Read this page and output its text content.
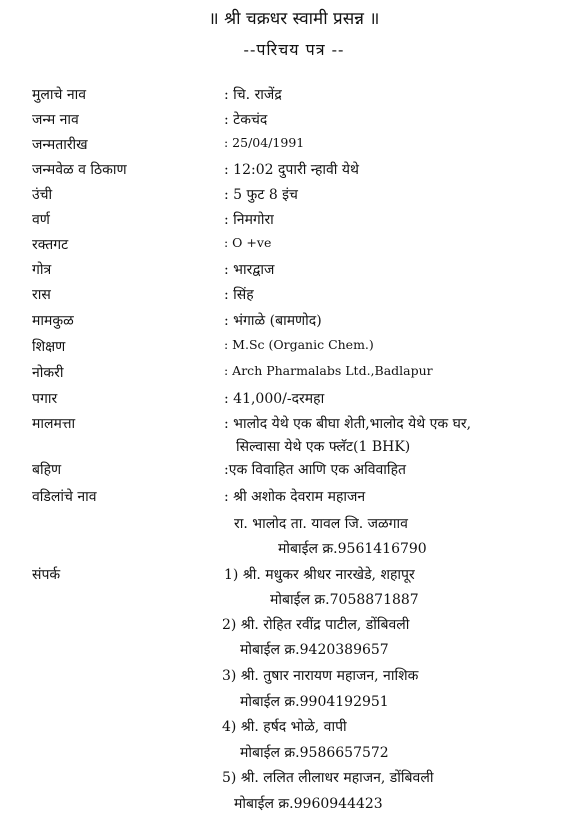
॥ श्री चक्रधर स्वामी प्रसन्न ॥
--परिचय पत्र --
मुलाचे नाव	: चि. राजेंद्र
जन्म नाव	: टेकचंद
जन्मतारीख	: 25/04/1991
जन्मवेळ व ठिकाण	: 12:02 दुपारी न्हावी येथे
उंची	: 5 फुट 8 इंच
वर्ण	: निमगोरा
रक्तगट	: O +ve
गोत्र	: भारद्वाज
रास	: सिंह
मामकुळ	: भंगाळे (बामणोद)
शिक्षण	: M.Sc (Organic Chem.)
नोकरी	: Arch Pharmalabs Ltd.,Badlapur
पगार	: 41,000/-दरमहा
मालमत्ता	: भालोद येथे एक बीघा शेती,भालोद येथे एक घर,
सिल्वासा येथे एक फ्लॅट(1 BHK)
बहिण	:एक विवाहित आणि एक अविवाहित
वडिलांचे नाव	: श्री अशोक देवराम महाजन
रा. भालोद ता. यावल जि. जळगाव
मोबाईल क्र.9561416790
संपर्क	1) श्री. मधुकर श्रीधर नारखेडे, शहापूर
मोबाईल क्र.7058871887
2) श्री. रोहित रवींद्र पाटील, डोंबिवली
मोबाईल क्र.9420389657
3) श्री. तुषार नारायण महाजन, नाशिक
मोबाईल क्र.9904192951
4) श्री. हर्षद भोळे, वापी
मोबाईल क्र.9586657572
5) श्री. ललित लीलाधर महाजन, डोंबिवली
मोबाईल क्र.9960944423
